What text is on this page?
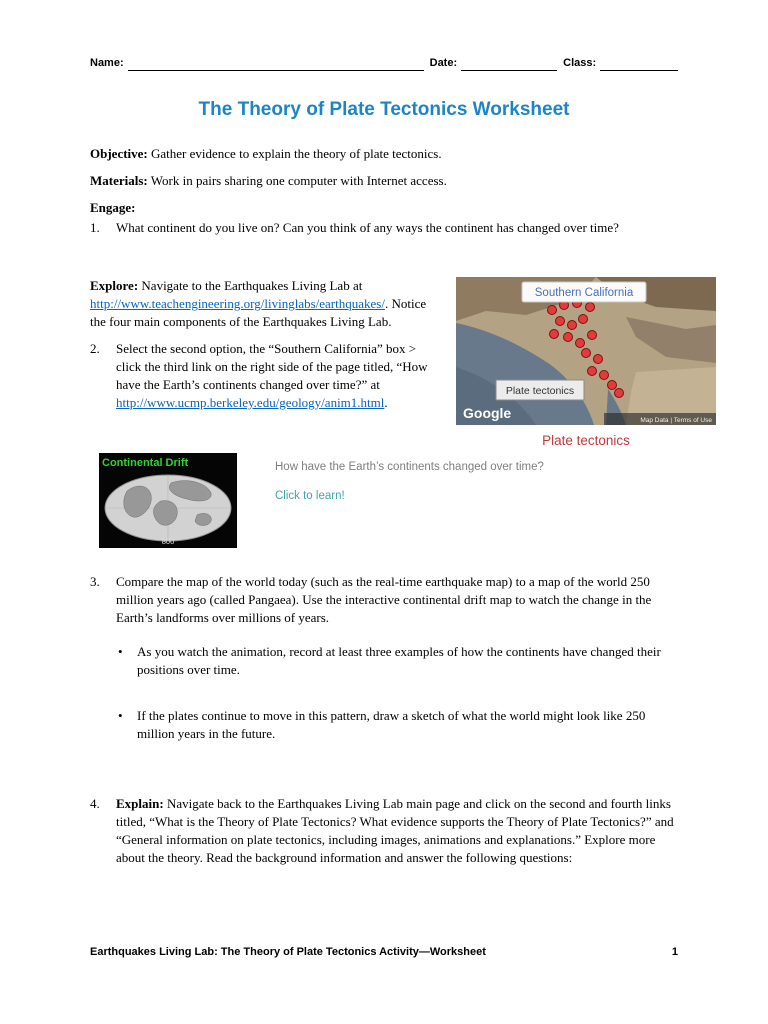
Name:	Date:	Class:
The Theory of Plate Tectonics Worksheet

Objective: Gather evidence to explain the theory of plate tectonics.

Materials: Work in pairs sharing one computer with Internet access.

Engage:

1.	What continent do you live on? Can you think of any ways the continent has changed over time?

Explore: Navigate to the Earthquakes Living Lab at http://www.teachengineering.org/livinglabs/earthquakes/. Notice the four main components of the Earthquakes Living Lab.

2.	Select the second option, the “Southern California” box > click the third link on the right side of the page titled, “How have the Earth’s continents changed over time?” at http://www.ucmp.berkeley.edu/geology/anim1.html.
Southern California
Plate tectonics
Google	Map Data | Terms of Use
Plate tectonics
Continental Drift
800
How have the Earth’s continents changed over time?
Click to learn!
3.	Compare the map of the world today (such as the real-time earthquake map) to a map of the world 250 million years ago (called Pangaea). Use the interactive continental drift map to watch the change in the Earth’s landforms over millions of years.
•	As you watch the animation, record at least three examples of how the continents have changed their positions over time.
•	If the plates continue to move in this pattern, draw a sketch of what the world might look like 250 million years in the future.
4.	Explain: Navigate back to the Earthquakes Living Lab main page and click on the second and fourth links titled, “What is the Theory of Plate Tectonics? What evidence supports the Theory of Plate Tectonics?” and “General information on plate tectonics, including images, animations and explanations.” Explore more about the theory. Read the background information and answer the following questions:
Earthquakes Living Lab: The Theory of Plate Tectonics Activity—Worksheet	1
